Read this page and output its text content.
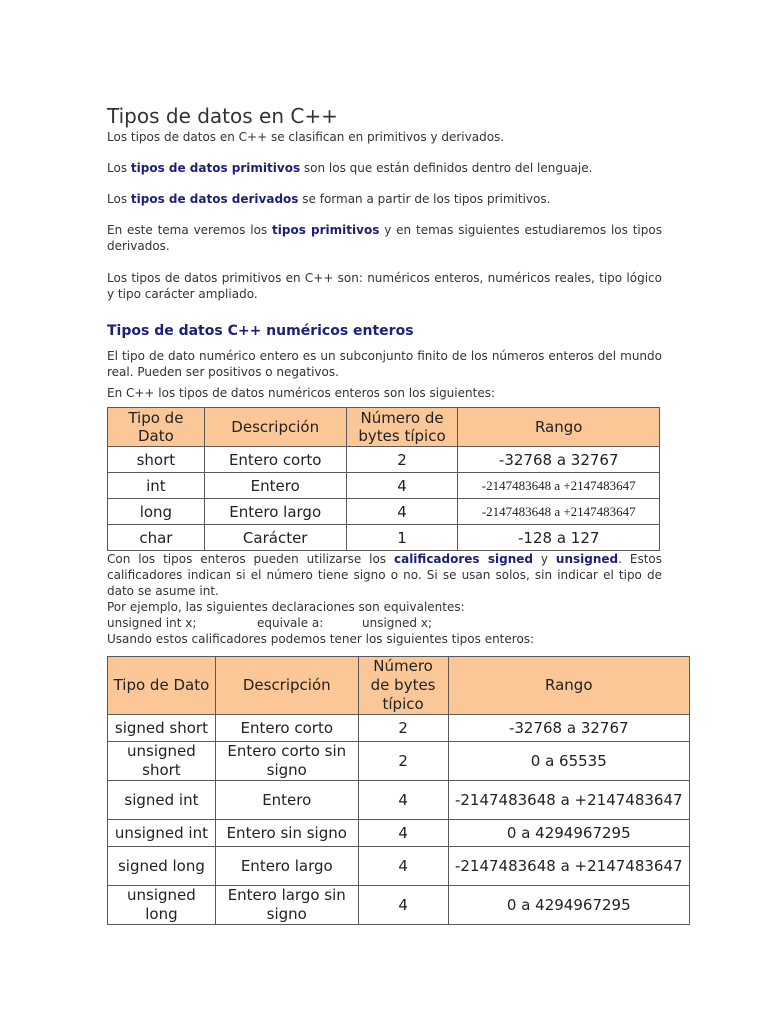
Tipos de datos en C++

Los tipos de datos en C++ se clasifican en primitivos y derivados.

Los tipos de datos primitivos son los que están definidos dentro del lenguaje.

Los tipos de datos derivados se forman a partir de los tipos primitivos.

En este tema veremos los tipos primitivos y en temas siguientes estudiaremos los tipos derivados.

Los tipos de datos primitivos en C++ son: numéricos enteros, numéricos reales, tipo lógico y tipo carácter ampliado.

Tipos de datos C++ numéricos enteros

El tipo de dato numérico entero es un subconjunto finito de los números enteros del mundo real. Pueden ser positivos o negativos.

En C++ los tipos de datos numéricos enteros son los siguientes:

Tipo de Dato	Descripción	Número de bytes típico	Rango
short	Entero corto	2	-32768 a 32767
int	Entero	4	-2147483648 a +2147483647
long	Entero largo	4	-2147483648 a +2147483647
char	Carácter	1	-128 a 127

Con los tipos enteros pueden utilizarse los calificadores signed y unsigned. Estos calificadores indican si el número tiene signo o no. Si se usan solos, sin indicar el tipo de dato se asume int.

Por ejemplo, las siguientes declaraciones son equivalentes:

unsigned int x;	equivale a:	unsigned x;

Usando estos calificadores podemos tener los siguientes tipos enteros:

Tipo de Dato	Descripción	Número de bytes típico	Rango
signed short	Entero corto	2	-32768 a 32767
unsigned short	Entero corto sin signo	2	0 a 65535
signed int	Entero	4	-2147483648 a +2147483647
unsigned int	Entero sin signo	4	0 a 4294967295
signed long	Entero largo	4	-2147483648 a +2147483647
unsigned long	Entero largo sin signo	4	0 a 4294967295
